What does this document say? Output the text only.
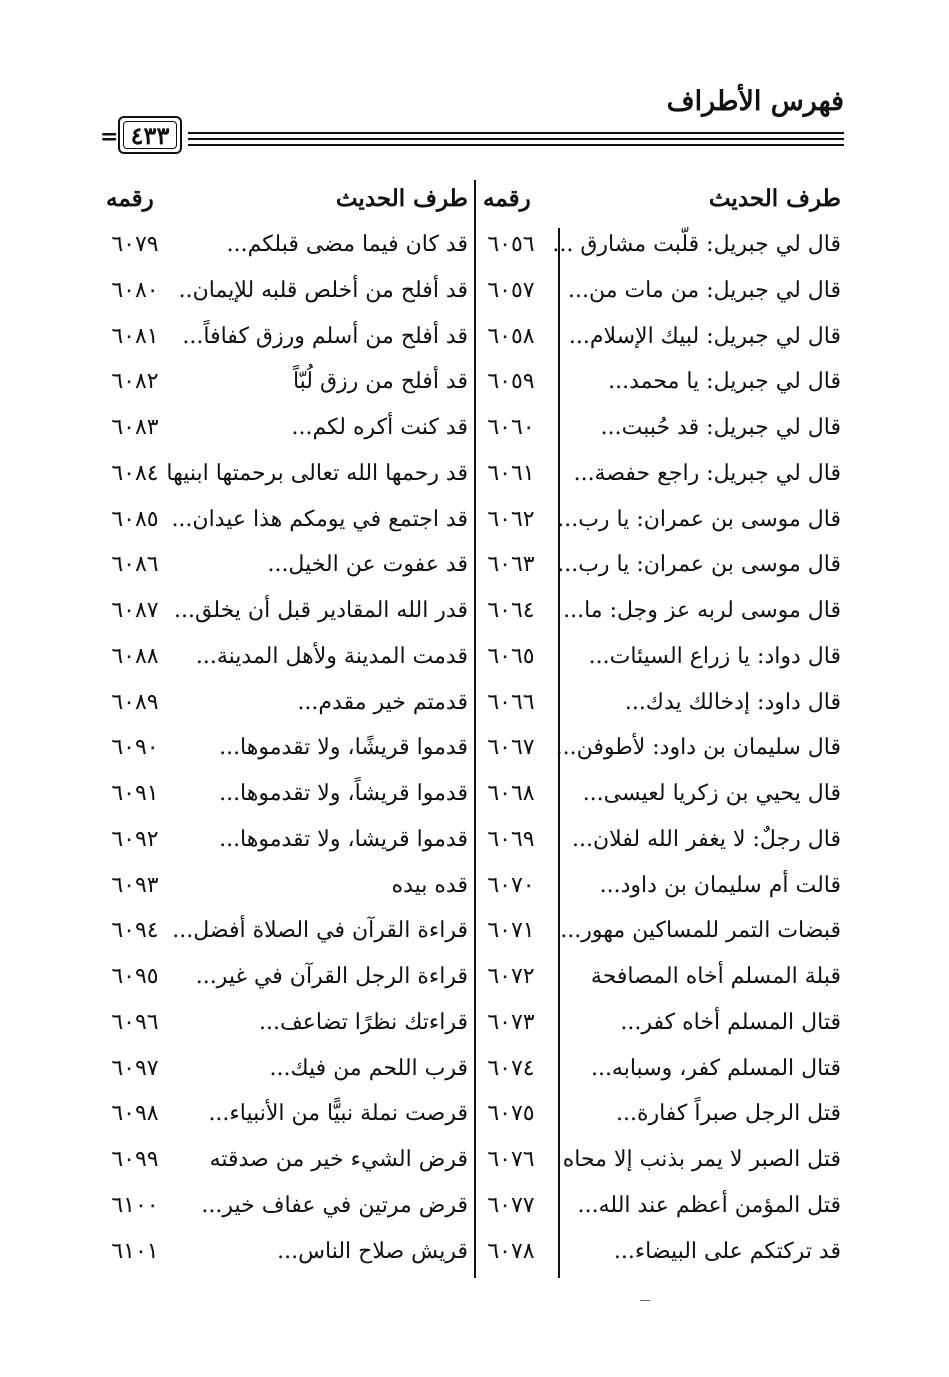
فهرس الأطراف
٤٣٣
=
طرف الحديث
رقمه
طرف الحديث
رقمه
قال لي جبريل: قلّبت مشارق ...
٦٠٥٦
قال لي جبريل: من مات من...
٦٠٥٧
قال لي جبريل: لبيك الإسلام...
٦٠٥٨
قال لي جبريل: يا محمد...
٦٠٥٩
قال لي جبريل: قد حُببت...
٦٠٦٠
قال لي جبريل: راجع حفصة...
٦٠٦١
قال موسى بن عمران: يا رب...
٦٠٦٢
قال موسى بن عمران: يا رب...
٦٠٦٣
قال موسى لربه عز وجل: ما...
٦٠٦٤
قال دواد: يا زراع السيئات...
٦٠٦٥
قال داود: إدخالك يدك...
٦٠٦٦
قال سليمان بن داود: لأطوفن...
٦٠٦٧
قال يحيي بن زكريا لعيسى...
٦٠٦٨
قال رجلٌ: لا يغفر الله لفلان...
٦٠٦٩
قالت أم سليمان بن داود...
٦٠٧٠
قبضات التمر للمساكين مهور...
٦٠٧١
قبلة المسلم أخاه المصافحة
٦٠٧٢
قتال المسلم أخاه كفر...
٦٠٧٣
قتال المسلم كفر، وسبابه...
٦٠٧٤
قتل الرجل صبراً كفارة...
٦٠٧٥
قتل الصبر لا يمر بذنب إلا محاه
٦٠٧٦
قتل المؤمن أعظم عند الله...
٦٠٧٧
قد تركتكم على البيضاء...
٦٠٧٨
قد كان فيما مضى قبلكم...
٦٠٧٩
قد أفلح من أخلص قلبه للإيمان..
٦٠٨٠
قد أفلح من أسلم ورزق كفافاً...
٦٠٨١
قد أفلح من رزق لُبّاً
٦٠٨٢
قد كنت أكره لكم...
٦٠٨٣
قد رحمها الله تعالى برحمتها ابنيها
٦٠٨٤
قد اجتمع في يومكم هذا عيدان...
٦٠٨٥
قد عفوت عن الخيل...
٦٠٨٦
قدر الله المقادير قبل أن يخلق...
٦٠٨٧
قدمت المدينة ولأهل المدينة...
٦٠٨٨
قدمتم خير مقدم...
٦٠٨٩
قدموا قريشًا، ولا تقدموها...
٦٠٩٠
قدموا قريشاً، ولا تقدموها...
٦٠٩١
قدموا قريشا، ولا تقدموها...
٦٠٩٢
قده بيده
٦٠٩٣
قراءة القرآن في الصلاة أفضل...
٦٠٩٤
قراءة الرجل القرآن في غير...
٦٠٩٥
قراءتك نظرًا تضاعف...
٦٠٩٦
قرب اللحم من فيك...
٦٠٩٧
قرصت نملة نبيًّا من الأنبياء...
٦٠٩٨
قرض الشيء خير من صدقته
٦٠٩٩
قرض مرتين في عفاف خير...
٦١٠٠
قريش صلاح الناس...
٦١٠١
